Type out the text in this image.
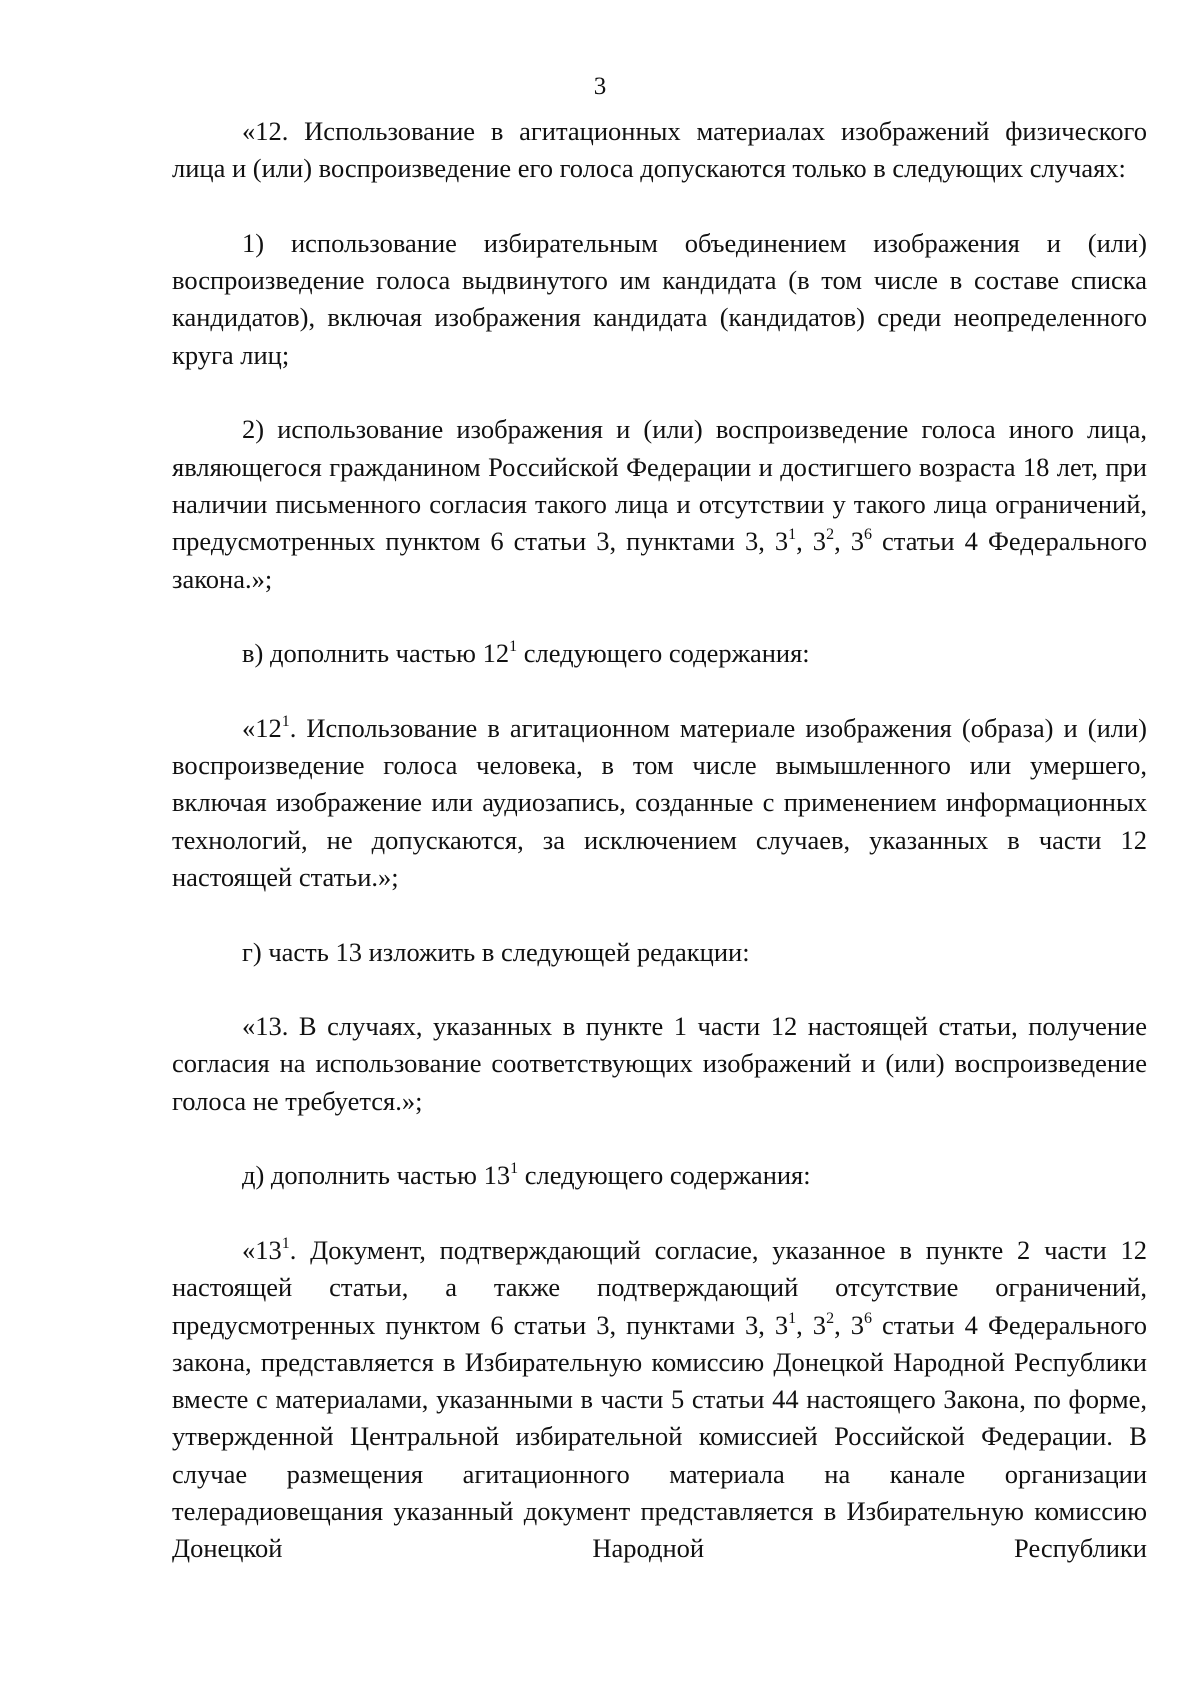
3

«12. Использование в агитационных материалах изображений физического лица и (или) воспроизведение его голоса допускаются только в следующих случаях:

1) использование избирательным объединением изображения и (или) воспроизведение голоса выдвинутого им кандидата (в том числе в составе списка кандидатов), включая изображения кандидата (кандидатов) среди неопределенного круга лиц;

2) использование изображения и (или) воспроизведение голоса иного лица, являющегося гражданином Российской Федерации и достигшего возраста 18 лет, при наличии письменного согласия такого лица и отсутствии у такого лица ограничений, предусмотренных пунктом 6 статьи 3, пунктами 3, $3^1$, $3^2$, $3^6$ статьи 4 Федерального закона.»;

в) дополнить частью $12^1$ следующего содержания:

«$12^1$. Использование в агитационном материале изображения (образа) и (или) воспроизведение голоса человека, в том числе вымышленного или умершего, включая изображение или аудиозапись, созданные с применением информационных технологий, не допускаются, за исключением случаев, указанных в части 12 настоящей статьи.»;

г) часть 13 изложить в следующей редакции:

«13. В случаях, указанных в пункте 1 части 12 настоящей статьи, получение согласия на использование соответствующих изображений и (или) воспроизведение голоса не требуется.»;

д) дополнить частью $13^1$ следующего содержания:

«$13^1$. Документ, подтверждающий согласие, указанное в пункте 2 части 12 настоящей статьи, а также подтверждающий отсутствие ограничений, предусмотренных пунктом 6 статьи 3, пунктами 3, $3^1$, $3^2$, $3^6$ статьи 4 Федерального закона, представляется в Избирательную комиссию Донецкой Народной Республики вместе с материалами, указанными в части 5 статьи 44 настоящего Закона, по форме, утвержденной Центральной избирательной комиссией Российской Федерации. В случае размещения агитационного материала на канале организации телерадиовещания указанный документ представляется в Избирательную комиссию Донецкой Народной Республики
